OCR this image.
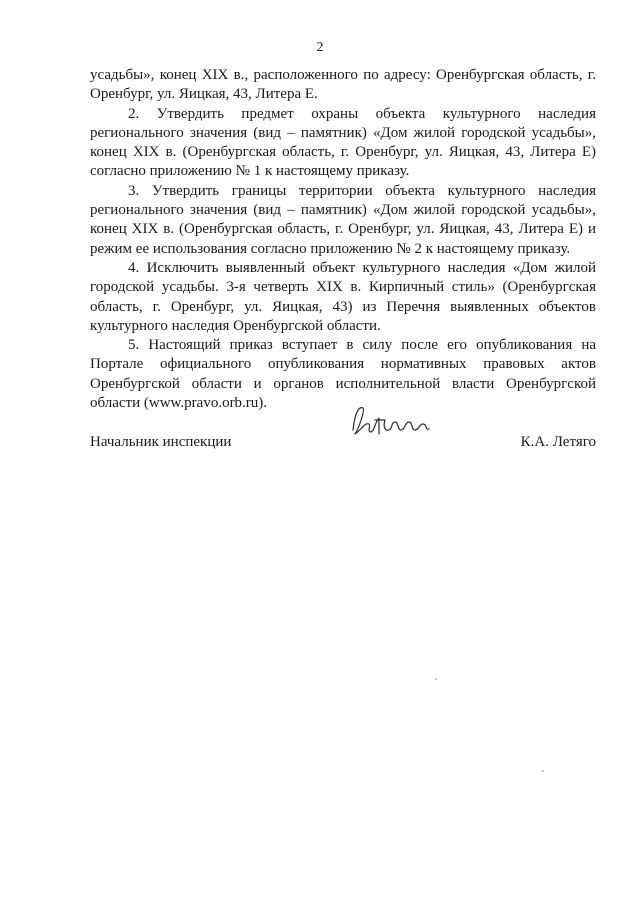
2

усадьбы», конец XIX в., расположенного по адресу: Оренбургская область, г. Оренбург, ул. Яицкая, 43, Литера Е.

2. Утвердить предмет охраны объекта культурного наследия регионального значения (вид – памятник) «Дом жилой городской усадьбы», конец XIX в. (Оренбургская область, г. Оренбург, ул. Яицкая, 43, Литера Е) согласно приложению № 1 к настоящему приказу.

3. Утвердить границы территории объекта культурного наследия регионального значения (вид – памятник) «Дом жилой городской усадьбы», конец XIX в. (Оренбургская область, г. Оренбург, ул. Яицкая, 43, Литера Е) и режим ее использования согласно приложению № 2 к настоящему приказу.

4. Исключить выявленный объект культурного наследия «Дом жилой городской усадьбы. 3-я четверть XIX в. Кирпичный стиль» (Оренбургская область, г. Оренбург, ул. Яицкая, 43) из Перечня выявленных объектов культурного наследия Оренбургской области.

5. Настоящий приказ вступает в силу после его опубликования на Портале официального опубликования нормативных правовых актов Оренбургской области и органов исполнительной власти Оренбургской области (www.pravo.orb.ru).

Начальник инспекции	К.А. Летяго
